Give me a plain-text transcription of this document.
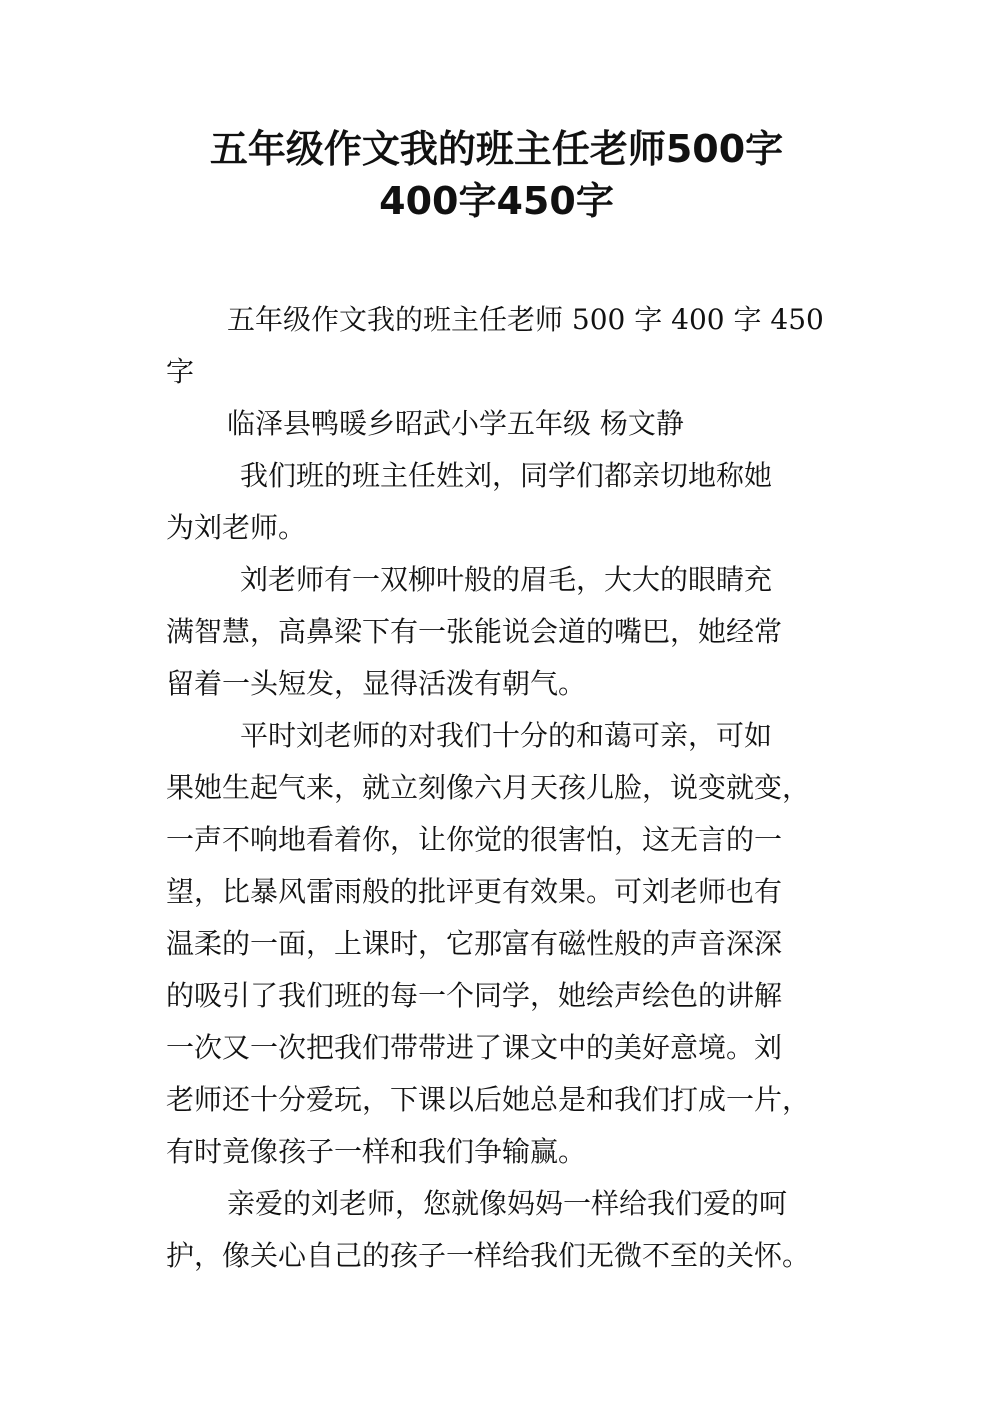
五年级作文我的班主任老师500字
400字450字

五年级作文我的班主任老师 500 字 400 字 450

字

临泽县鸭暖乡昭武小学五年级 杨文静

我们班的班主任姓刘，同学们都亲切地称她

为刘老师。

刘老师有一双柳叶般的眉毛，大大的眼睛充

满智慧，高鼻梁下有一张能说会道的嘴巴，她经常

留着一头短发，显得活泼有朝气。

平时刘老师的对我们十分的和蔼可亲，可如

果她生起气来，就立刻像六月天孩儿脸，说变就变，

一声不响地看着你，让你觉的很害怕，这无言的一

望，比暴风雷雨般的批评更有效果。可刘老师也有

温柔的一面，上课时，它那富有磁性般的声音深深

的吸引了我们班的每一个同学，她绘声绘色的讲解

一次又一次把我们带带进了课文中的美好意境。刘

老师还十分爱玩，下课以后她总是和我们打成一片，

有时竟像孩子一样和我们争输赢。

亲爱的刘老师，您就像妈妈一样给我们爱的呵

护，像关心自己的孩子一样给我们无微不至的关怀。
